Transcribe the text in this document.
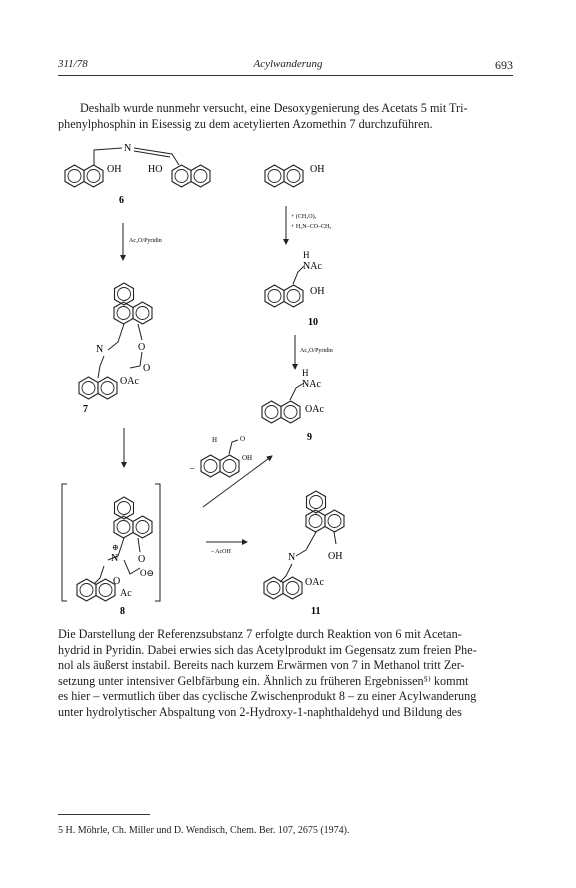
311/78	Acylwanderung	693
Deshalb wurde nunmehr versucht, eine Desoxygenierung des Acetats 5 mit Tri-
phenylphosphin in Eisessig zu dem acetylierten Azomethin 7 durchzuführen.
N
OH	HO
6
OH
Ac₂O/Pyridin
+ (CH₂O)ₓ
+ H₂N–CO–CH₃
H
NAc
OH
10
Ac₂O/Pyridin
H
NAc
OAc
9
N	O
O
OAc
7
H	O
OH
–
⊕
N O
O⊖
O
Ac
8
– AcOH	N	OH
OAc
11
Die Darstellung der Referenzsubstanz 7 erfolgte durch Reaktion von 6 mit Acetan-
hydrid in Pyridin. Dabei erwies sich das Acetylprodukt im Gegensatz zum freien Phe-
nol als äußerst instabil. Bereits nach kurzem Erwärmen von 7 in Methanol tritt Zer-
setzung unter intensiver Gelbfärbung ein. Ähnlich zu früheren Ergebnissen⁵⁾ kommt
es hier – vermutlich über das cyclische Zwischenprodukt 8 – zu einer Acylwanderung
unter hydrolytischer Abspaltung von 2-Hydroxy-1-naphthaldehyd und Bildung des
5 H. Möhrle, Ch. Miller und D. Wendisch, Chem. Ber. 107, 2675 (1974).
